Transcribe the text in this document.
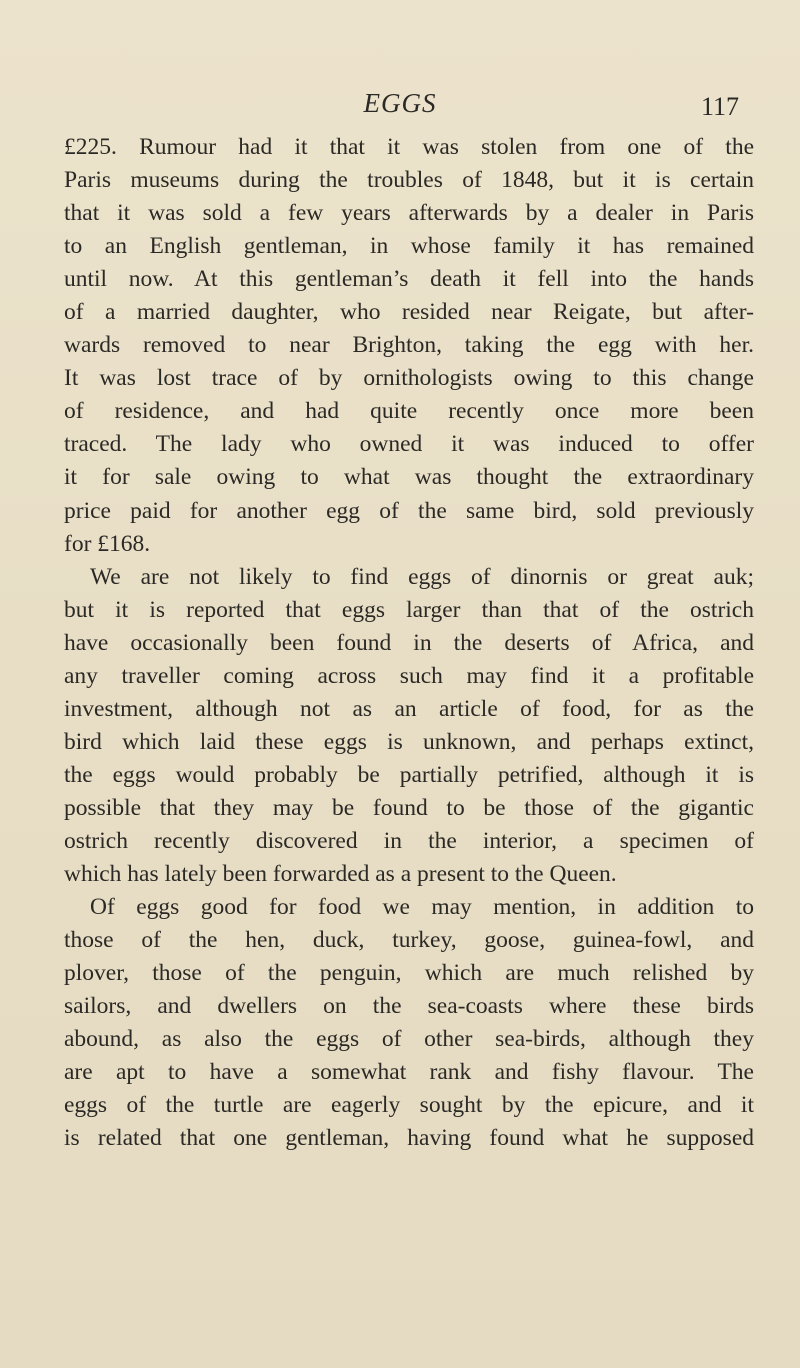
EGGS	117
£225. Rumour had it that it was stolen from one of the
Paris museums during the troubles of 1848, but it is certain
that it was sold a few years afterwards by a dealer in Paris
to an English gentleman, in whose family it has remained
until now. At this gentleman’s death it fell into the hands
of a married daughter, who resided near Reigate, but after-
wards removed to near Brighton, taking the egg with her.
It was lost trace of by ornithologists owing to this change
of residence, and had quite recently once more been
traced. The lady who owned it was induced to offer
it for sale owing to what was thought the extraordinary
price paid for another egg of the same bird, sold previously
for £168.
We are not likely to find eggs of dinornis or great auk;
but it is reported that eggs larger than that of the ostrich
have occasionally been found in the deserts of Africa, and
any traveller coming across such may find it a profitable
investment, although not as an article of food, for as the
bird which laid these eggs is unknown, and perhaps extinct,
the eggs would probably be partially petrified, although it is
possible that they may be found to be those of the gigantic
ostrich recently discovered in the interior, a specimen of
which has lately been forwarded as a present to the Queen.
Of eggs good for food we may mention, in addition to
those of the hen, duck, turkey, goose, guinea-fowl, and
plover, those of the penguin, which are much relished by
sailors, and dwellers on the sea-coasts where these birds
abound, as also the eggs of other sea-birds, although they
are apt to have a somewhat rank and fishy flavour. The
eggs of the turtle are eagerly sought by the epicure, and it
is related that one gentleman, having found what he supposed
